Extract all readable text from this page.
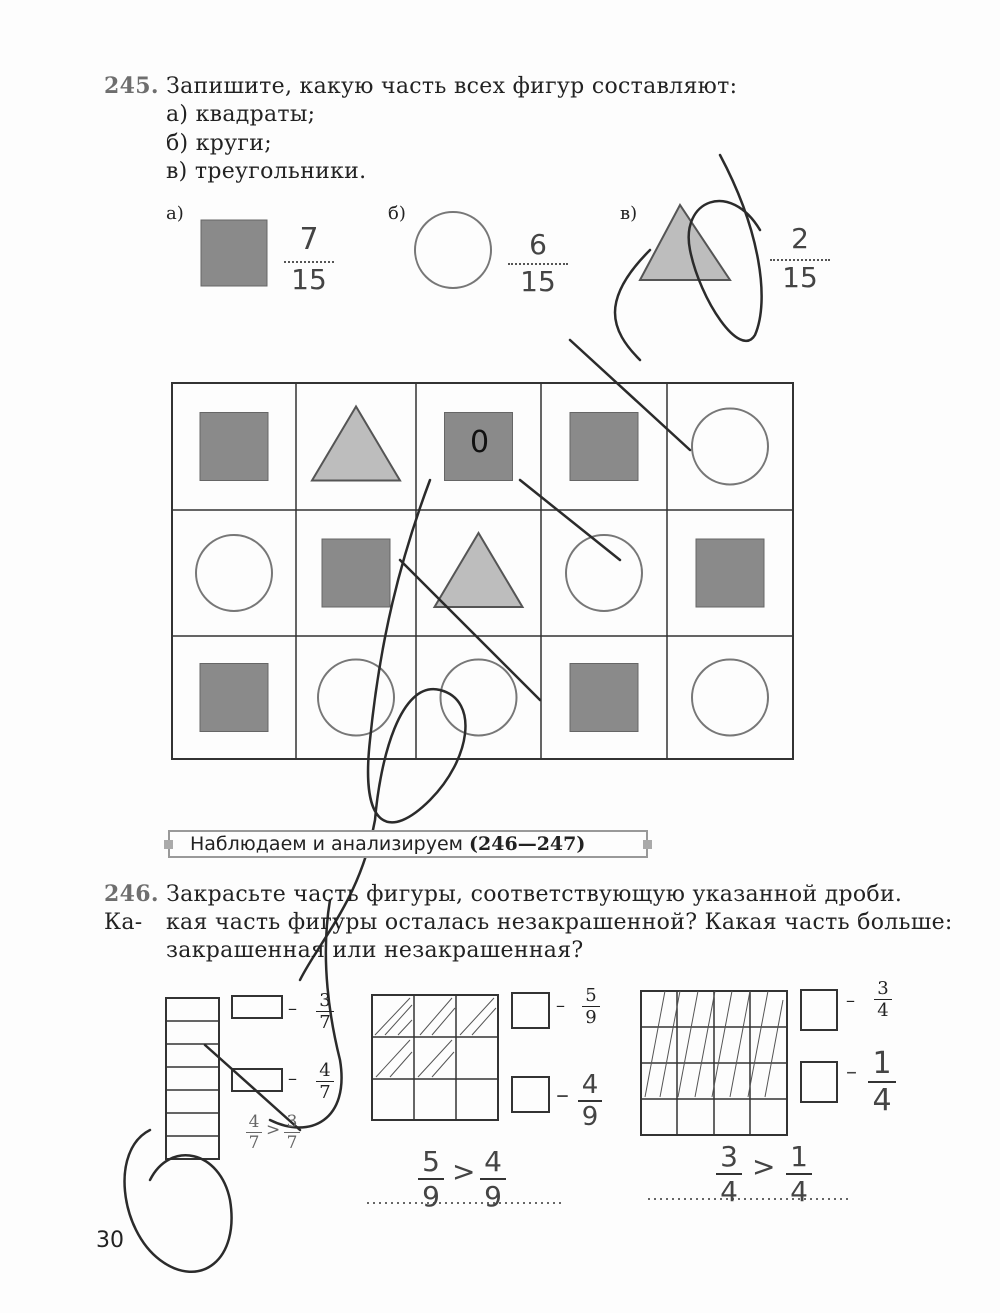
245. Запишите, какую часть всех фигур составляют:
а) квадраты;
б) круги;
в) треугольники.
а)	б)	в)
$\frac{7}{15}$	$\frac{6}{15}$	$\frac{2}{15}$
0
Наблюдаем и анализируем (246—247)
246. Закрасьте часть фигуры, соответствующую указанной дроби. Ка-	кая часть фигуры осталась незакрашенной? Какая часть больше:
закрашенная или незакрашенная?
– $\frac{3}{7}$
– $\frac{4}{7}$
– $\frac{5}{9}$
– $\frac{4}{9}$
– $\frac{3}{4}$
– $\frac{1}{4}$
$\frac{4}{7} > \frac{3}{7}$
$\frac{5}{9} > \frac{4}{9}$	$\frac{3}{4} > \frac{1}{4}$
30
